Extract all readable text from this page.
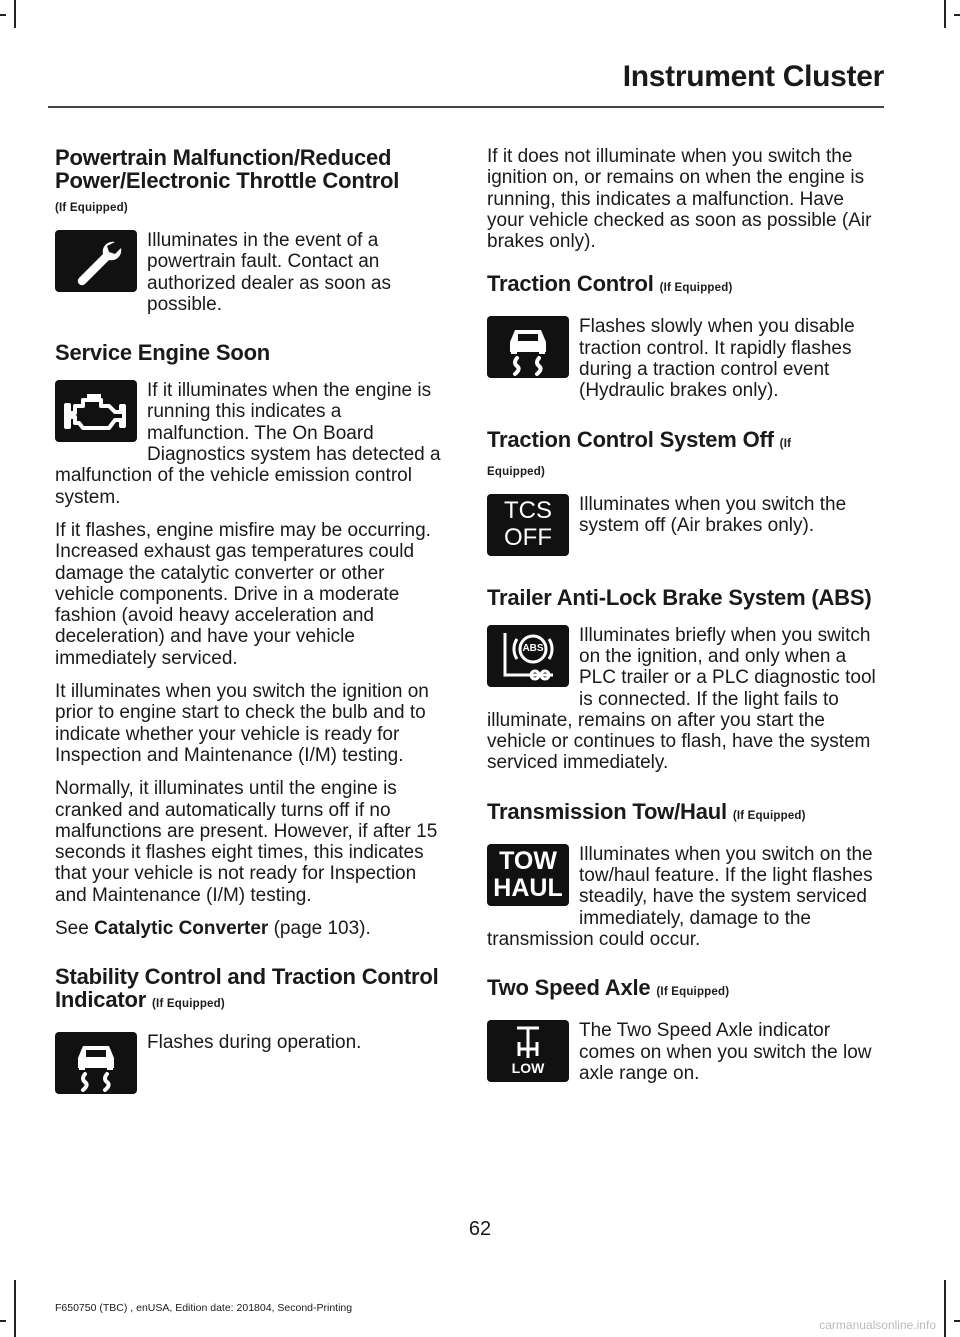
Instrument Cluster
Powertrain Malfunction/Reduced Power/Electronic Throttle Control
(If Equipped)

Illuminates in the event of a powertrain fault. Contact an authorized dealer as soon as possible.

Service Engine Soon

If it illuminates when the engine is running this indicates a malfunction. The On Board Diagnostics system has detected a malfunction of the vehicle emission control system.

If it flashes, engine misfire may be occurring. Increased exhaust gas temperatures could damage the catalytic converter or other vehicle components. Drive in a moderate fashion (avoid heavy acceleration and deceleration) and have your vehicle immediately serviced.

It illuminates when you switch the ignition on prior to engine start to check the bulb and to indicate whether your vehicle is ready for Inspection and Maintenance (I/M) testing.

Normally, it illuminates until the engine is cranked and automatically turns off if no malfunctions are present. However, if after 15 seconds it flashes eight times, this indicates that your vehicle is not ready for Inspection and Maintenance (I/M) testing.

See Catalytic Converter (page 103).

Stability Control and Traction Control Indicator (If Equipped)

Flashes during operation.

If it does not illuminate when you switch the ignition on, or remains on when the engine is running, this indicates a malfunction. Have your vehicle checked as soon as possible (Air brakes only).

Traction Control (If Equipped)

Flashes slowly when you disable traction control. It rapidly flashes during a traction control event (Hydraulic brakes only).

Traction Control System Off (If
Equipped)
TCS
OFF

Illuminates when you switch the system off (Air brakes only).

Trailer Anti-Lock Brake System (ABS)
ABS

Illuminates briefly when you switch on the ignition, and only when a PLC trailer or a PLC diagnostic tool is connected. If the light fails to illuminate, remains on after you start the vehicle or continues to flash, have the system serviced immediately.

Transmission Tow/Haul (If Equipped)
TOW
HAUL

Illuminates when you switch on the tow/haul feature. If the light flashes steadily, have the system serviced immediately, damage to the transmission could occur.

Two Speed Axle (If Equipped)
LOW

The Two Speed Axle indicator comes on when you switch the low axle range on.

62
F650750 (TBC) , enUSA, Edition date: 201804, Second-Printing
carmanualsonline.info
